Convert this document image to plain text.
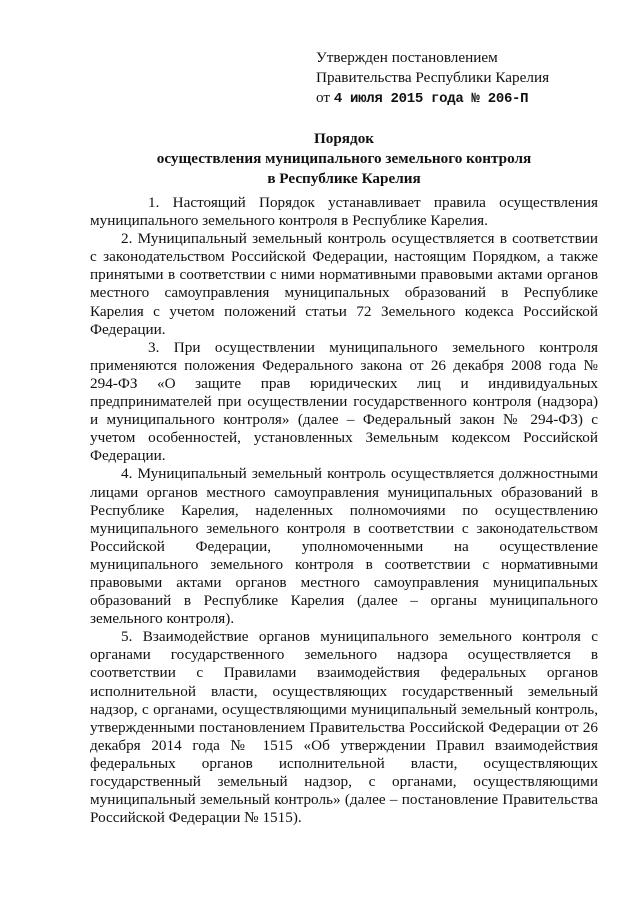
Утвержден постановлением
Правительства Республики Карелия
от 4 июля 2015 года № 206-П
Порядок
осуществления муниципального земельного контроля
в Республике Карелия

1. Настоящий Порядок устанавливает правила осуществления муниципального земельного контроля в Республике Карелия.

2. Муниципальный земельный контроль осуществляется в соответствии с законодательством Российской Федерации, настоящим Порядком, а также принятыми в соответствии с ними нормативными правовыми актами органов местного самоуправления муниципальных образований в Республике Карелия с учетом положений статьи 72 Земельного кодекса Российской Федерации.

3. При осуществлении муниципального земельного контроля применяются положения Федерального закона от 26 декабря 2008 года № 294-ФЗ «О защите прав юридических лиц и индивидуальных предпринимателей при осуществлении государственного контроля (надзора) и муниципального контроля» (далее – Федеральный закон № 294-ФЗ) с учетом особенностей, установленных Земельным кодексом Российской Федерации.

4. Муниципальный земельный контроль осуществляется должностными лицами органов местного самоуправления муниципальных образований в Республике Карелия, наделенных полномочиями по осуществлению муниципального земельного контроля в соответствии с законодательством Российской Федерации, уполномоченными на осуществление муниципального земельного контроля в соответствии с нормативными правовыми актами органов местного самоуправления муниципальных образований в Республике Карелия (далее – органы муниципального земельного контроля).

5. Взаимодействие органов муниципального земельного контроля с органами государственного земельного надзора осуществляется в соответствии с Правилами взаимодействия федеральных органов исполнительной власти, осуществляющих государственный земельный надзор, с органами, осуществляющими муниципальный земельный контроль, утвержденными постановлением Правительства Российской Федерации от 26 декабря 2014 года № 1515 «Об утверждении Правил взаимодействия федеральных органов исполнительной власти, осуществляющих государственный земельный надзор, с органами, осуществляющими муниципальный земельный контроль» (далее – постановление Правительства Российской Федерации № 1515).
